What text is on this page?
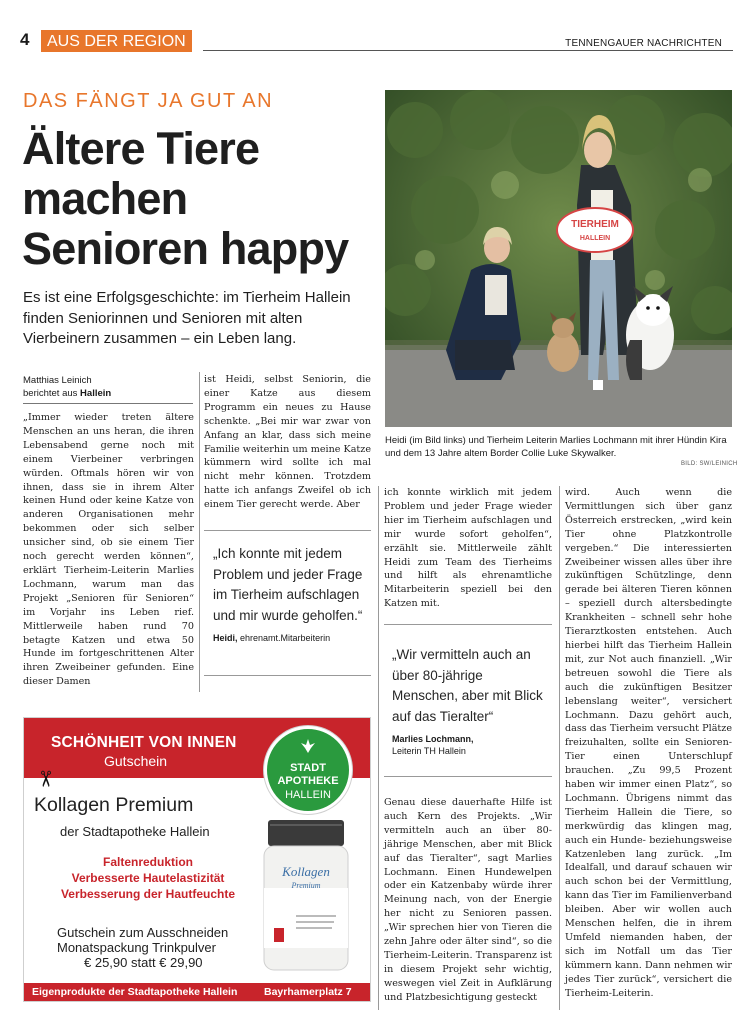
4	AUS DER REGION	TENNENGAUER NACHRICHTEN
DAS FÄNGT JA GUT AN
Ältere Tiere machen Senioren happy
Es ist eine Erfolgsgeschichte: im Tierheim Hallein finden Seniorinnen und Senioren mit alten Vierbeinern zusammen – ein Leben lang.
TIERHEIM
HALLEIN
Heidi (im Bild links) und Tierheim Leiterin Marlies Lochmann mit ihrer Hündin Kira und dem 13 Jahre altem Border Collie Luke Skywalker.
BILD: SW/LEINICH
Matthias Leinich
berichtet aus Hallein
„Immer wieder treten ältere Menschen an uns heran, die ihren Lebensabend gerne noch mit einem Vierbeiner verbringen würden. Oftmals hören wir von ihnen, dass sie in ihrem Alter keinen Hund oder keine Katze von anderen Organisationen mehr bekommen oder sich selber unsicher sind, ob sie einem Tier noch gerecht werden können“, erklärt Tierheim-Leiterin Marlies Lochmann, warum man das Projekt „Senioren für Senioren“ im Vorjahr ins Leben rief. Mittlerweile haben rund 70 betagte Katzen und etwa 50 Hunde im fortgeschrittenen Alter ihren Zweibeiner gefunden. Eine dieser Damen
ist Heidi, selbst Seniorin, die einer Katze aus diesem Programm ein neues zu Hause schenkte. „Bei mir war zwar von Anfang an klar, dass sich meine Familie weiterhin um meine Katze kümmern wird sollte ich mal nicht mehr können. Trotzdem hatte ich anfangs Zweifel ob ich einem Tier gerecht werde. Aber
ich konnte wirklich mit jedem Problem und jeder Frage wieder hier im Tierheim aufschlagen und mir wurde sofort geholfen“, erzählt sie. Mittlerweile zählt Heidi zum Team des Tierheims und hilft als ehrenamtliche Mitarbeiterin speziell bei den Katzen mit.
Genau diese dauerhafte Hilfe ist auch Kern des Projekts. „Wir vermitteln auch an über 80-jährige Menschen, aber mit Blick auf das Tieralter“, sagt Marlies Lochmann. Einen Hundewelpen oder ein Katzenbaby würde ihrer Meinung nach, von der Energie her nicht zu Senioren passen. „Wir sprechen hier von Tieren die zehn Jahre oder älter sind“, so die Tierheim-Leiterin. Transparenz ist in diesem Projekt sehr wichtig, weswegen viel Zeit in Aufklärung und Platzbesichtigung gesteckt
wird. Auch wenn die Vermittlungen sich über ganz Österreich erstrecken, „wird kein Tier ohne Platzkontrolle vergeben.“ Die interessierten Zweibeiner wissen alles über ihre zukünftigen Schützlinge, denn gerade bei älteren Tieren können – speziell durch altersbedingte Krankheiten – schnell sehr hohe Tierarztkosten entstehen. Auch hierbei hilft das Tierheim Hallein mit, zur Not auch finanziell. „Wir betreuen sowohl die Tiere als auch die zukünftigen Besitzer lebenslang weiter“, versichert Lochmann. Dazu gehört auch, dass das Tierheim versucht Plätze freizuhalten, sollte ein Senioren-Tier einen Unterschlupf brauchen. „Zu 99,5 Prozent haben wir immer einen Platz“, so Lochmann. Übrigens nimmt das Tierheim Hallein die Tiere, so merkwürdig das klingen mag, auch ein Hunde- beziehungsweise Katzenleben lang zurück. „Im Idealfall, und darauf schauen wir auch schon bei der Vermittlung, kann das Tier im Familienverband bleiben. Aber wir wollen auch Menschen helfen, die in ihrem Umfeld niemanden haben, der sich im Notfall um das Tier kümmern kann. Dann nehmen wir jedes Tier zurück“, versichert die Tierheim-Leiterin.
„Ich konnte mit jedem Problem und jeder Frage im Tierheim aufschlagen und mir wurde geholfen.“
Heidi, ehrenamt.Mitarbeiterin
„Wir vermitteln auch an über 80-jährige Menschen, aber mit Blick auf das Tieralter“
Marlies Lochmann,
Leiterin TH Hallein
SCHÖNHEIT VON INNEN
Gutschein
✂
STADT
APOTHEKE
HALLEIN
Kollagen Premium
der Stadtapotheke Hallein
Faltenreduktion
Verbesserte Hautelastizität
Verbesserung der Hautfeuchte
Gutschein zum Ausschneiden
Monatspackung Trinkpulver
€ 25,90 statt € 29,90
Kollagen
Premium
Eigenprodukte der Stadtapotheke Hallein	Bayrhamerplatz 7
